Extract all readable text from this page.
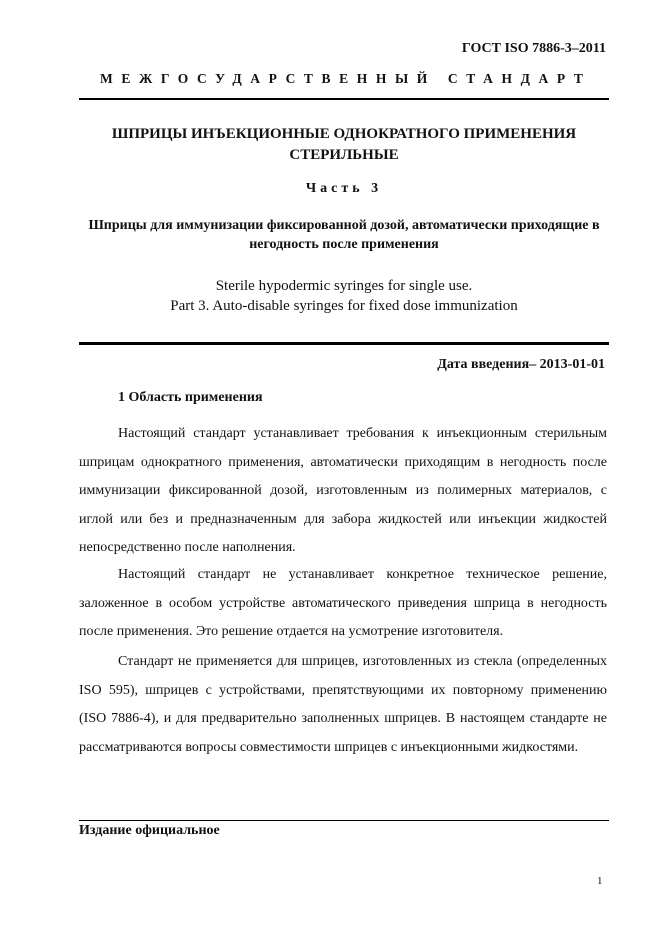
ГОСТ ISO 7886-3–2011
МЕЖГОСУДАРСТВЕННЫЙ СТАНДАРТ
ШПРИЦЫ ИНЪЕКЦИОННЫЕ ОДНОКРАТНОГО ПРИМЕНЕНИЯ СТЕРИЛЬНЫЕ
Часть 3
Шприцы для иммунизации фиксированной дозой, автоматически приходящие в негодность после применения
Sterile hypodermic syringes for single use.
Part 3. Auto-disable syringes for fixed dose immunization
Дата введения– 2013-01-01
1 Область применения

Настоящий стандарт устанавливает требования к инъекционным стерильным шприцам однократного применения, автоматически приходящим в негодность после иммунизации фиксированной дозой, изготовленным из полимерных материалов, с иглой или без и предназначенным для забора жидкостей или инъекции жидкостей непосредственно после наполнения.

Настоящий стандарт не устанавливает конкретное техническое решение, заложенное в особом устройстве автоматического приведения шприца в негодность после применения. Это решение отдается на усмотрение изготовителя.

Стандарт не применяется для шприцев, изготовленных из стекла (определенных ISO 595), шприцев с устройствами, препятствующими их повторному применению (ISO 7886-4), и для предварительно заполненных шприцев. В настоящем стандарте не рассматриваются вопросы совместимости шприцев с инъекционными жидкостями.

Издание официальное
1
